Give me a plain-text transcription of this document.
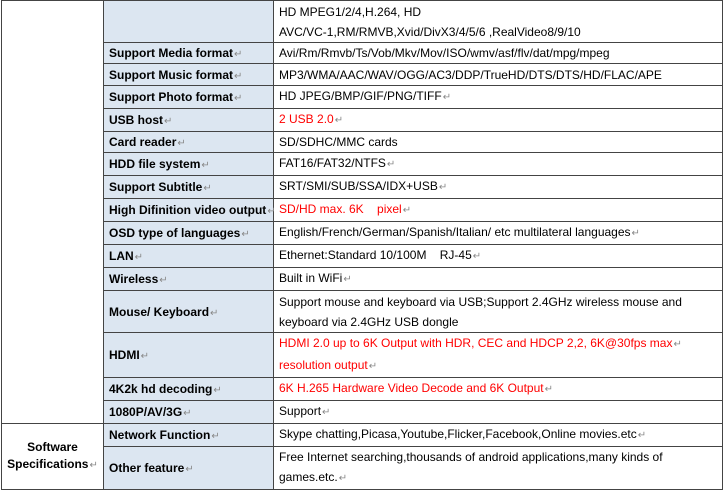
		HD MPEG1/2/4,H.264, HD
AVC/VC-1,RM/RMVB,Xvid/DivX3/4/5/6 ,RealVideo8/9/10

	Support Media format↵	Avi/Rm/Rmvb/Ts/Vob/Mkv/Mov/ISO/wmv/asf/flv/dat/mpg/mpeg
	Support Music format↵	MP3/WMA/AAC/WAV/OGG/AC3/DDP/TrueHD/DTS/DTS/HD/FLAC/APE
	Support Photo format↵	HD JPEG/BMP/GIF/PNG/TIFF↵
	USB host↵	2 USB 2.0↵
	Card reader↵	SD/SDHC/MMC cards
	HDD file system↵	FAT16/FAT32/NTFS↵
	Support Subtitle↵	SRT/SMI/SUB/SSA/IDX+USB↵
	High Difinition video output↵	SD/HD max. 6K    pixel↵
	OSD type of languages↵	English/French/German/Spanish/Italian/ etc multilateral languages↵
	LAN↵	Ethernet:Standard 10/100M    RJ-45↵
	Wireless↵	Built in WiFi↵
	Mouse/ Keyboard↵	Support mouse and keyboard via USB;Support 2.4GHz wireless mouse and
keyboard via 2.4GHz USB dongle

	HDMI↵	HDMI 2.0 up to 6K Output with HDR, CEC and HDCP 2,2, 6K@30fps max↵
resolution output↵

	4K2k hd decoding↵	6K H.265 Hardware Video Decode and 6K Output↵
	1080P/AV/3G↵	Support↵

Software
Specifications↵	Network Function↵	Skype chatting,Picasa,Youtube,Flicker,Facebook,Online movies.etc↵
	Other feature↵	Free Internet searching,thousands of android applications,many kinds of
games.etc.↵
